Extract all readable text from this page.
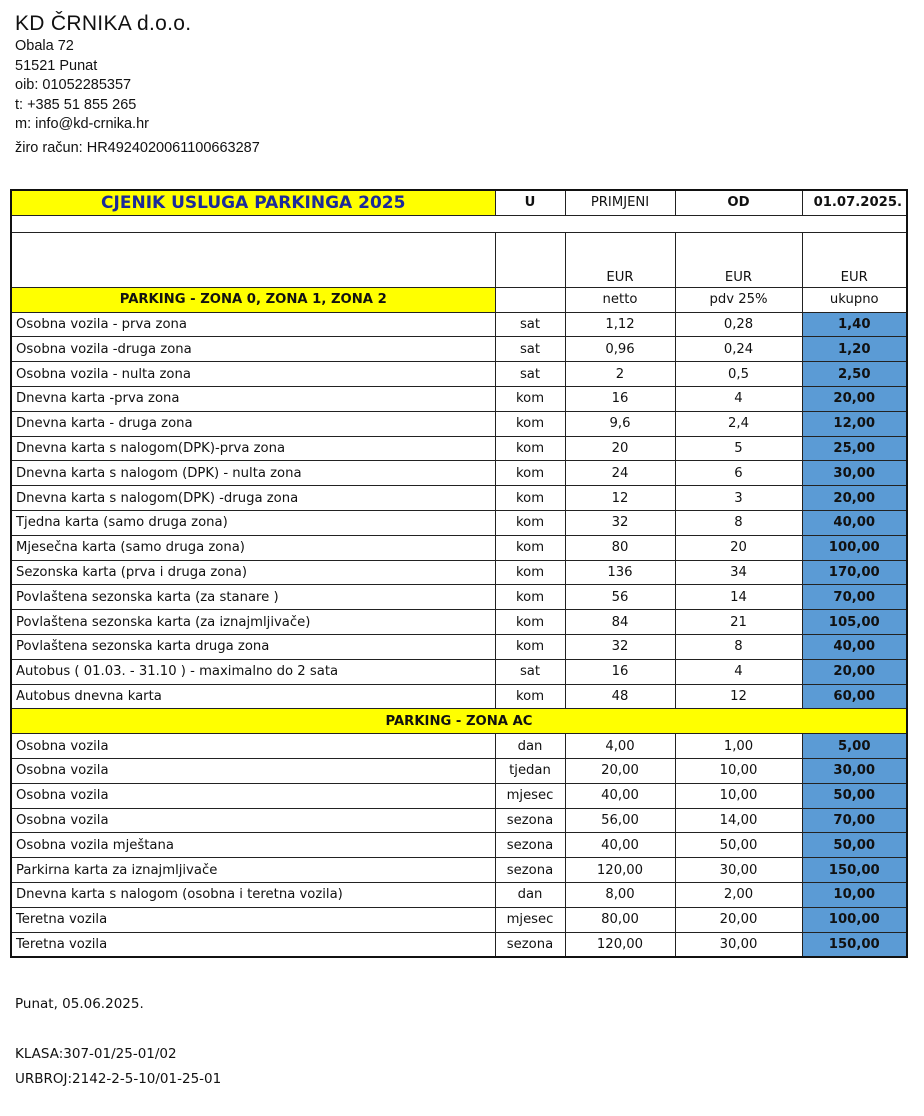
KD ČRNIKA d.o.o.

Obala 72

51521 Punat

oib: 01052285357

t: +385 51 855 265

m: info@kd-crnika.hr

žiro račun: HR4924020061100663287

CJENIK USLUGA PARKINGA 2025	U	PRIMJENI	OD	01.07.2025.

		EUR	EUR	EUR
PARKING - ZONA 0, ZONA 1, ZONA 2		netto	pdv 25%	ukupno
Osobna vozila - prva zona	sat	1,12	0,28	1,40
Osobna vozila -druga zona	sat	0,96	0,24	1,20
Osobna vozila - nulta zona	sat	2	0,5	2,50
Dnevna karta -prva zona	kom	16	4	20,00
Dnevna karta - druga zona	kom	9,6	2,4	12,00
Dnevna karta s nalogom(DPK)-prva zona	kom	20	5	25,00
Dnevna karta s nalogom (DPK) - nulta zona	kom	24	6	30,00
Dnevna karta s nalogom(DPK) -druga zona	kom	12	3	20,00
Tjedna karta (samo druga zona)	kom	32	8	40,00
Mjesečna karta (samo druga zona)	kom	80	20	100,00
Sezonska karta (prva i druga zona)	kom	136	34	170,00
Povlaštena sezonska karta (za stanare )	kom	56	14	70,00
Povlaštena sezonska karta (za iznajmljivače)	kom	84	21	105,00
Povlaštena sezonska karta druga zona	kom	32	8	40,00
Autobus ( 01.03. - 31.10 ) - maximalno do 2 sata	sat	16	4	20,00
Autobus dnevna karta	kom	48	12	60,00
PARKING - ZONA AC				
Osobna vozila	dan	4,00	1,00	5,00
Osobna vozila	tjedan	20,00	10,00	30,00
Osobna vozila	mjesec	40,00	10,00	50,00
Osobna vozila	sezona	56,00	14,00	70,00
Osobna vozila mještana	sezona	40,00	50,00	50,00
Parkirna karta za iznajmljivače	sezona	120,00	30,00	150,00
Dnevna karta s nalogom (osobna i teretna vozila)	dan	8,00	2,00	10,00
Teretna vozila	mjesec	80,00	20,00	100,00
Teretna vozila	sezona	120,00	30,00	150,00

Punat, 05.06.2025.

KLASA:307-01/25-01/02

URBROJ:2142-2-5-10/01-25-01
